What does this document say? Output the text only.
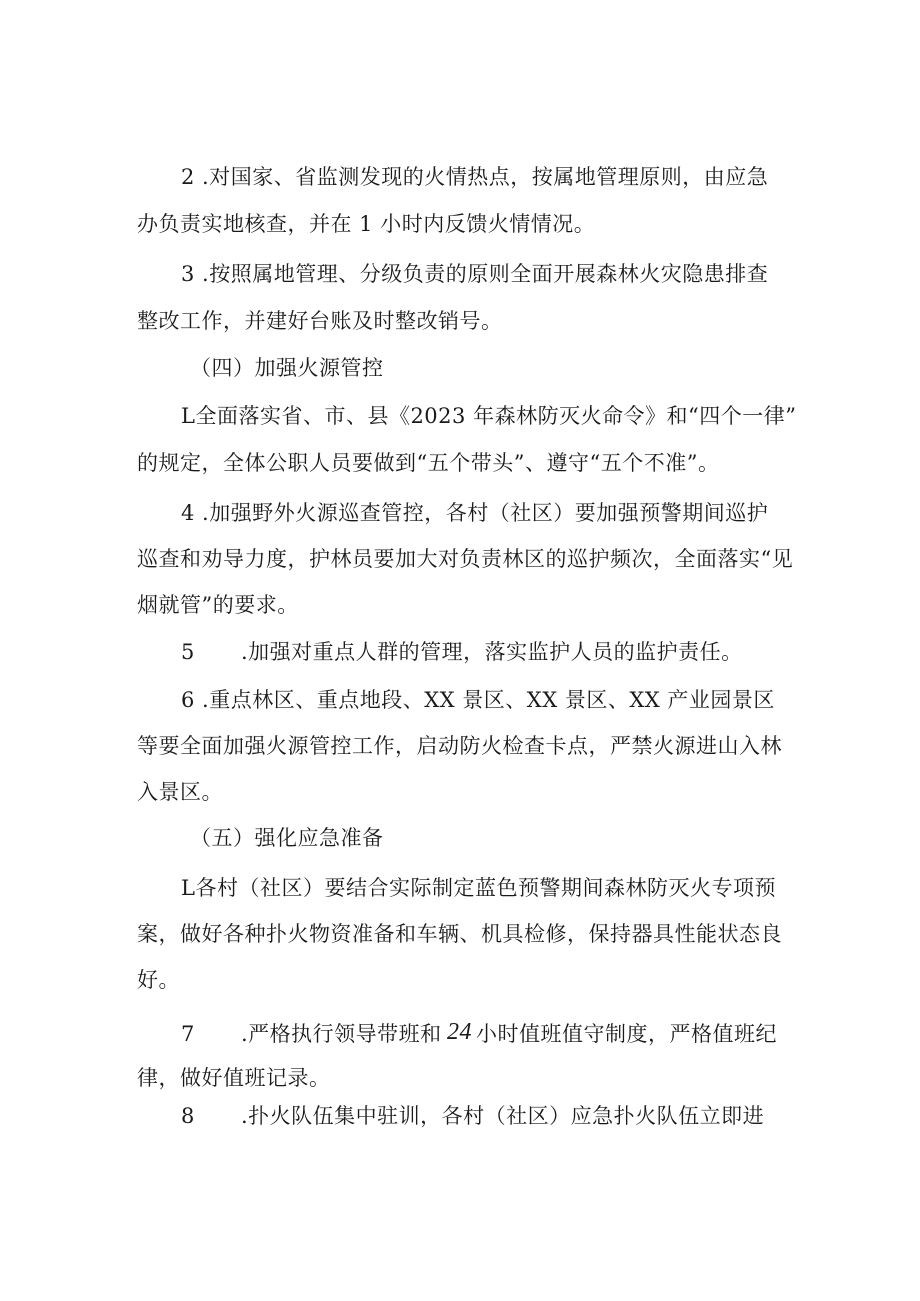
2 .对国家、省监测发现的火情热点，按属地管理原则，由应急
办负责实地核查，并在 1 小时内反馈火情情况。
3 .按照属地管理、分级负责的原则全面开展森林火灾隐患排查
整改工作，并建好台账及时整改销号。
（四）加强火源管控
L全面落实省、市、县《2023 年森林防灭火命令》和“四个一律”
的规定，全体公职人员要做到“五个带头”、遵守“五个不准”。
4 .加强野外火源巡查管控，各村（社区）要加强预警期间巡护
巡查和劝导力度，护林员要加大对负责林区的巡护频次，全面落实“见
烟就管”的要求。
5 .加强对重点人群的管理，落实监护人员的监护责任。
6 .重点林区、重点地段、XX 景区、XX 景区、XX 产业园景区
等要全面加强火源管控工作，启动防火检查卡点，严禁火源进山入林
入景区。
（五）强化应急准备
L各村（社区）要结合实际制定蓝色预警期间森林防灭火专项预
案，做好各种扑火物资准备和车辆、机具检修，保持器具性能状态良
好。
7 .严格执行领导带班和 24 小时值班值守制度，严格值班纪
律，做好值班记录。
8 .扑火队伍集中驻训，各村（社区）应急扑火队伍立即进
